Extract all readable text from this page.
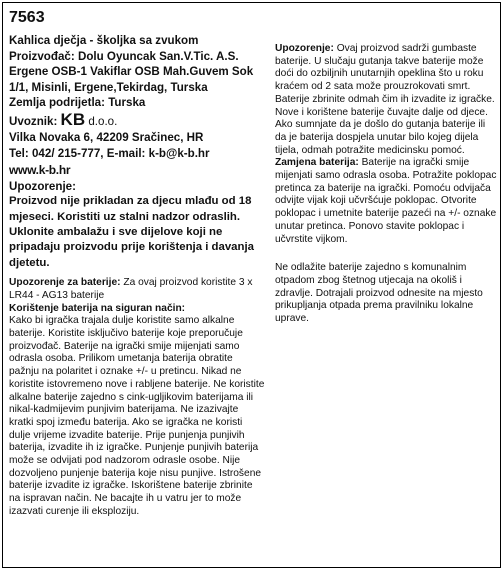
7563

Kahlica dječja - školjka sa zvukom

Proizvođač: Dolu Oyuncak San.V.Tic. A.S. Ergene OSB-1 Vakiflar OSB Mah.Guvem Sok 1/1, Misinli, Ergene,Tekirdag, Turska

Zemlja podrijetla: Turska

Uvoznik: KB d.o.o.

Vilka Novaka 6, 42209 Sračinec, HR

Tel: 042/ 215-777, E-mail: k-b@k-b.hr

www.k-b.hr

Upozorenje:

Proizvod nije prikladan za djecu mlađu od 18 mjeseci. Koristiti uz stalni nadzor odraslih. Uklonite ambalažu i sve dijelove koji ne pripadaju proizvodu prije korištenja i davanja djetetu.

Upozorenje za baterije: Za ovaj proizvod koristite 3 x LR44 - AG13 baterije

Korištenje baterija na siguran način:

Kako bi igračka trajala dulje koristite samo alkalne baterije. Koristite isključivo baterije koje preporučuje proizvođač. Baterije na igrački smije mijenjati samo odrasla osoba. Prilikom umetanja baterija obratite pažnju na polaritet i oznake +/- u pretincu. Nikad ne koristite istovremeno nove i rabljene baterije. Ne koristite alkalne baterije zajedno s cink-ugljikovim baterijama ili nikal-kadmijevim punjivim baterijama. Ne izazivajte kratki spoj između baterija. Ako se igračka ne koristi dulje vrijeme izvadite baterije. Prije punjenja punjivih baterija, izvadite ih iz igračke. Punjenje punjivih baterija može se odvijati pod nadzorom odrasle osobe. Nije dozvoljeno punjenje baterija koje nisu punjive. Istrošene baterije izvadite iz igračke. Iskorištene baterije zbrinite na ispravan način. Ne bacajte ih u vatru jer to može izazvati curenje ili eksploziju.

Upozorenje: Ovaj proizvod sadrži gumbaste baterije. U slučaju gutanja takve baterije može doći do ozbiljnih unutarnjih opeklina što u roku kraćem od 2 sata može prouzrokovati smrt. Baterije zbrinite odmah čim ih izvadite iz igračke. Nove i korištene baterije čuvajte dalje od djece. Ako sumnjate da je došlo do gutanja baterije ili da je baterija dospjela unutar bilo kojeg dijela tijela, odmah potražite medicinsku pomoć.
Zamjena baterija: Baterije na igrački smije mijenjati samo odrasla osoba. Potražite poklopac pretinca za baterije na igrački. Pomoću odvijača odvijte vijak koji učvršćuje poklopac. Otvorite poklopac i umetnite baterije pazeći na +/- oznake unutar pretinca. Ponovo stavite poklopac i učvrstite vijkom.

Ne odlažite baterije zajedno s komunalnim otpadom zbog štetnog utjecaja na okoliš i zdravlje. Dotrajali proizvod odnesite na mjesto prikupljanja otpada prema pravilniku lokalne uprave.
